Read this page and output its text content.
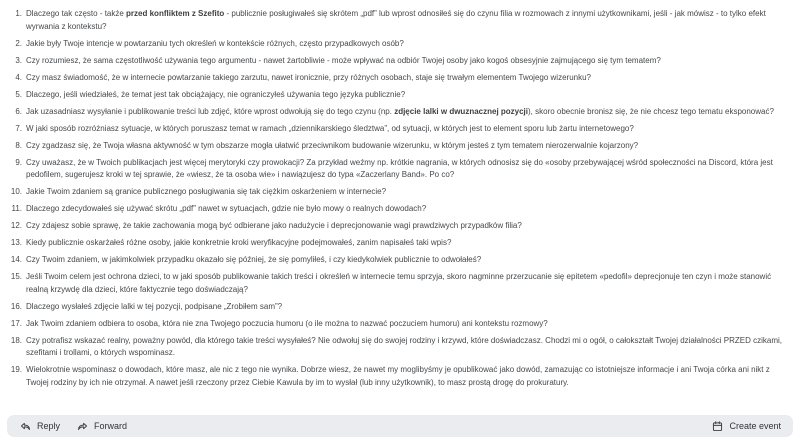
1. Dlaczego tak często - także przed konfliktem z Szefito - publicznie posługiwałeś się skrótem „pdf” lub wprost odnosiłeś się do czynu filia w rozmowach z innymi użytkownikami, jeśli - jak mówisz - to tylko efekt wyrwania z kontekstu?
2. Jakie były Twoje intencje w powtarzaniu tych określeń w kontekście różnych, często przypadkowych osób?
3. Czy rozumiesz, że sama częstotliwość używania tego argumentu - nawet żartobliwie - może wpływać na odbiór Twojej osoby jako kogoś obsesyjnie zajmującego się tym tematem?
4. Czy masz świadomość, że w internecie powtarzanie takiego zarzutu, nawet ironicznie, przy różnych osobach, staje się trwałym elementem Twojego wizerunku?
5. Dlaczego, jeśli wiedziałeś, że temat jest tak obciążający, nie ograniczyłeś używania tego języka publicznie?
6. Jak uzasadniasz wysyłanie i publikowanie treści lub zdjęć, które wprost odwołują się do tego czynu (np. zdjęcie lalki w dwuznacznej pozycji), skoro obecnie bronisz się, że nie chcesz tego tematu eksponować?
7. W jaki sposób rozróżniasz sytuacje, w których poruszasz temat w ramach „dziennikarskiego śledztwa”, od sytuacji, w których jest to element sporu lub żartu internetowego?
8. Czy zgadzasz się, że Twoja własna aktywność w tym obszarze mogła ułatwić przeciwnikom budowanie wizerunku, w którym jesteś z tym tematem nierozerwalnie kojarzony?
9. Czy uważasz, że w Twoich publikacjach jest więcej merytoryki czy prowokacji? Za przykład weźmy np. krótkie nagrania, w których odnosisz się do «osoby przebywającej wśród społeczności na Discord, która jest pedofilem, sugerujesz kroki w tej sprawie, że «wiesz, że ta osoba wie» i nawiązujesz do typa «Zaczerlany Band». Po co?
10. Jakie Twoim zdaniem są granice publicznego posługiwania się tak ciężkim oskarżeniem w internecie?
11. Dlaczego zdecydowałeś się używać skrótu „pdf” nawet w sytuacjach, gdzie nie było mowy o realnych dowodach?
12. Czy zdajesz sobie sprawę, że takie zachowania mogą być odbierane jako nadużycie i deprecjonowanie wagi prawdziwych przypadków filia?
13. Kiedy publicznie oskarżałeś różne osoby, jakie konkretnie kroki weryfikacyjne podejmowałeś, zanim napisałeś taki wpis?
14. Czy Twoim zdaniem, w jakimkolwiek przypadku okazało się później, że się pomyliłeś, i czy kiedykolwiek publicznie to odwołałeś?
15. Jeśli Twoim celem jest ochrona dzieci, to w jaki sposób publikowanie takich treści i określeń w internecie temu sprzyja, skoro nagminne przerzucanie się epitetem «pedofil» deprecjonuje ten czyn i może stanowić realną krzywdę dla dzieci, które faktycznie tego doświadczają?
16. Dlaczego wysłałeś zdjęcie lalki w tej pozycji, podpisane „Zrobiłem sam”?
17. Jak Twoim zdaniem odbiera to osoba, która nie zna Twojego poczucia humoru (o ile można to nazwać poczuciem humoru) ani kontekstu rozmowy?
18. Czy potrafisz wskazać realny, poważny powód, dla którego takie treści wysyłałeś? Nie odwołuj się do swojej rodziny i krzywd, które doświadczasz. Chodzi mi o ogół, o całokształt Twojej działalności PRZED czikami, szefitami i trollami, o których wspominasz.
19. Wielokrotnie wspominasz o dowodach, które masz, ale nic z tego nie wynika. Dobrze wiesz, że nawet my moglibyśmy je opublikować jako dowód, zamazując co istotniejsze informacje i ani Twoja córka ani nikt z Twojej rodziny by ich nie otrzymał. A nawet jeśli rzeczony przez Ciebie Kawula by im to wysłał (lub inny użytkownik), to masz prostą drogę do prokuratury.
Reply	Forward	Create event
